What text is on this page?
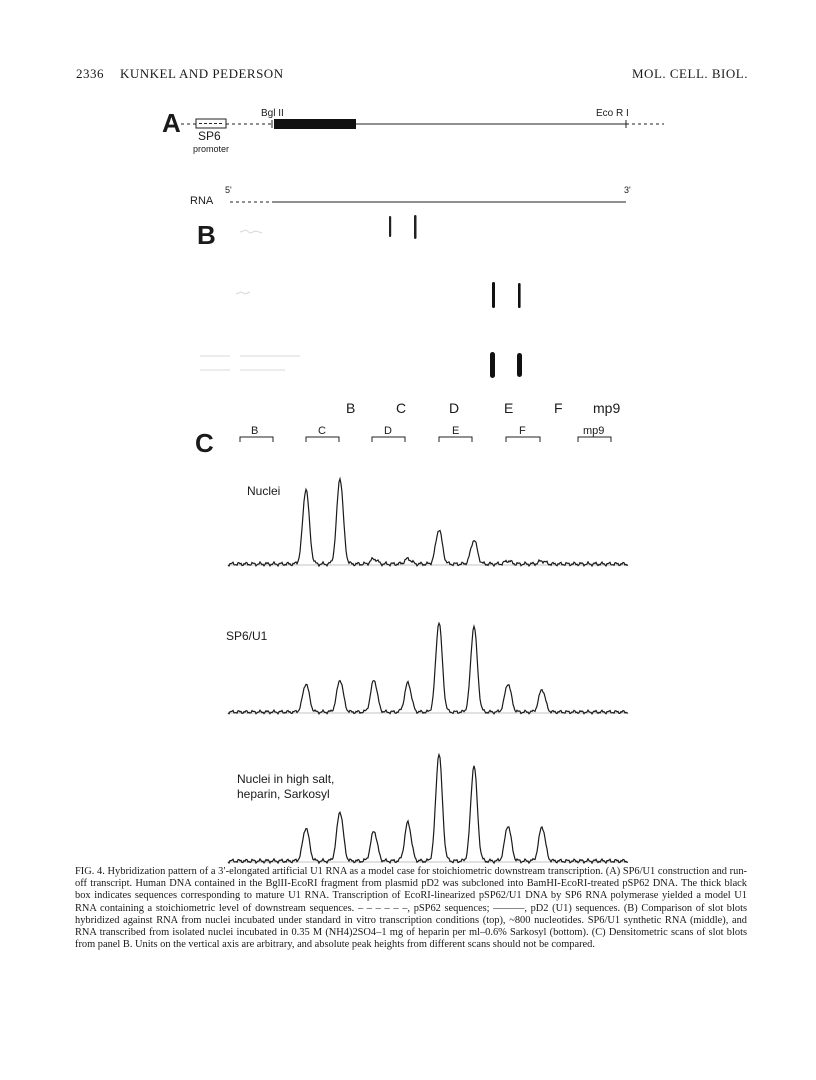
2336 KUNKEL AND PEDERSON	MOL. CELL. BIOL.
A SP6
promoter
Bgl II	Eco R I
RNA
5'	3'
B
B	C	D	E	F mp9
C	B	C	D	E	F	mp9
Nuclei
SP6/U1
Nuclei in high salt,
heparin, Sarkosyl
FIG. 4. Hybridization pattern of a 3′-elongated artificial U1 RNA as a model case for stoichiometric downstream transcription. (A) SP6/U1 construction and run-off transcript. Human DNA contained in the BglII-EcoRI fragment from plasmid pD2 was subcloned into BamHI-EcoRI-treated pSP62 DNA. The thick black box indicates sequences corresponding to mature U1 RNA. Transcription of EcoRI-linearized pSP62/U1 DNA by SP6 RNA polymerase yielded a model U1 RNA containing a stoichiometric level of downstream sequences. – – – – – –, pSP62 sequences; ———, pD2 (U1) sequences. (B) Comparison of slot blots hybridized against RNA from nuclei incubated under standard in vitro transcription conditions (top), ~800 nucleotides. SP6/U1 synthetic RNA (middle), and RNA transcribed from isolated nuclei incubated in 0.35 M (NH4)2SO4–1 mg of heparin per ml–0.6% Sarkosyl (bottom). (C) Densitometric scans of slot blots from panel B. Units on the vertical axis are arbitrary, and absolute peak heights from different scans should not be compared.
